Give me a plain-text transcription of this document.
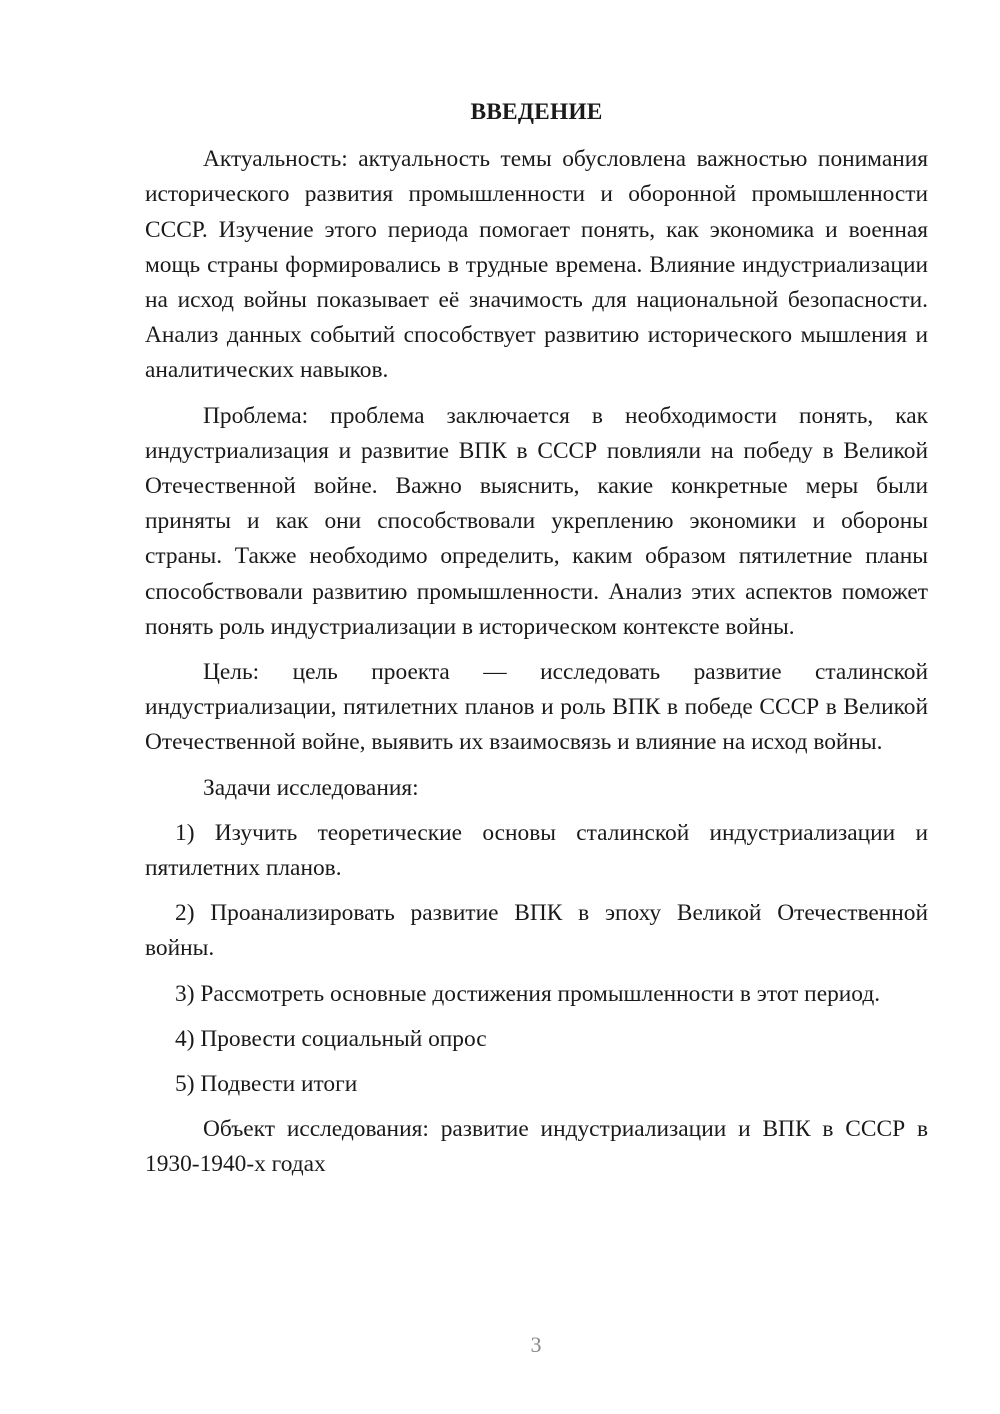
ВВЕДЕНИЕ

Актуальность: актуальность темы обусловлена важностью понимания исторического развития промышленности и оборонной промышленности СССР. Изучение этого периода помогает понять, как экономика и военная мощь страны формировались в трудные времена. Влияние индустриализации на исход войны показывает её значимость для национальной безопасности. Анализ данных событий способствует развитию исторического мышления и аналитических навыков.

Проблема: проблема заключается в необходимости понять, как индустриализация и развитие ВПК в СССР повлияли на победу в Великой Отечественной войне. Важно выяснить, какие конкретные меры были приняты и как они способствовали укреплению экономики и обороны страны. Также необходимо определить, каким образом пятилетние планы способствовали развитию промышленности. Анализ этих аспектов поможет понять роль индустриализации в историческом контексте войны.

Цель: цель проекта — исследовать развитие сталинской индустриализации, пятилетних планов и роль ВПК в победе СССР в Великой Отечественной войне, выявить их взаимосвязь и влияние на исход войны.

Задачи исследования:

1) Изучить теоретические основы сталинской индустриализации и пятилетних планов.

2) Проанализировать развитие ВПК в эпоху Великой Отечественной войны.

3) Рассмотреть основные достижения промышленности в этот период.

4) Провести социальный опрос

5) Подвести итоги

Объект исследования: развитие индустриализации и ВПК в СССР в 1930-1940-х годах

3
